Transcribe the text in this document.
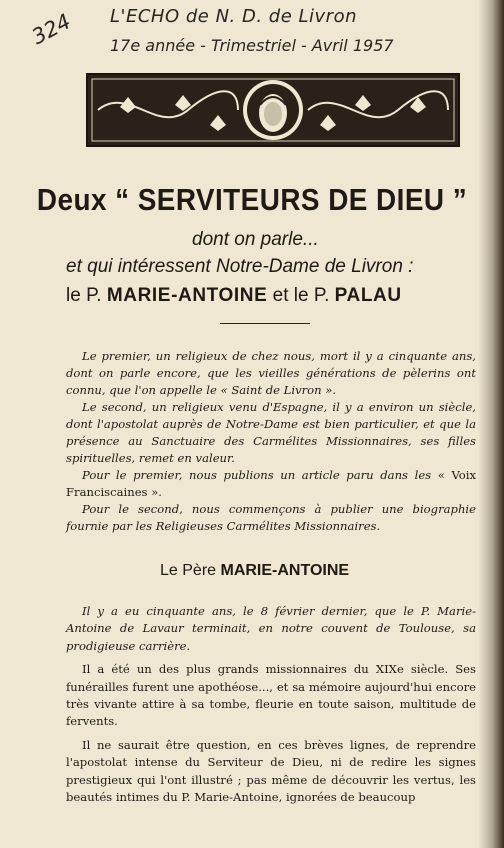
324 L'ECHO de N. D. de Livron
17e année - Trimestriel - Avril 1957
Deux “ SERVITEURS DE DIEU ”
dont on parle...
et qui intéressent Notre-Dame de Livron :
le P. MARIE-ANTOINE et le P. PALAU

Le premier, un religieux de chez nous, mort il y a cinquante ans, dont on parle encore, que les vieilles générations de pèlerins ont connu, que l'on appelle le « Saint de Livron ».

Le second, un religieux venu d'Espagne, il y a environ un siècle, dont l'apostolat auprès de Notre-Dame est bien particulier, et que la présence au Sanctuaire des Carmélites Missionnaires, ses filles spirituelles, remet en valeur.

Pour le premier, nous publions un article paru dans les « Voix Franciscaines ».

Pour le second, nous commençons à publier une biographie fournie par les Religieuses Carmélites Missionnaires.

Le Père MARIE-ANTOINE

Il y a eu cinquante ans, le 8 février dernier, que le P. Marie-Antoine de Lavaur terminait, en notre couvent de Toulouse, sa prodigieuse carrière.

Il a été un des plus grands missionnaires du XIXe siècle. Ses funérailles furent une apothéose..., et sa mémoire aujourd'hui encore très vivante attire à sa tombe, fleurie en toute saison, multitude de fervents.

Il ne saurait être question, en ces brèves lignes, de reprendre l'apostolat intense du Serviteur de Dieu, ni de redire les signes prestigieux qui l'ont illustré ; pas même de découvrir les vertus, les beautés intimes du P. Marie-Antoine, ignorées de beaucoup
